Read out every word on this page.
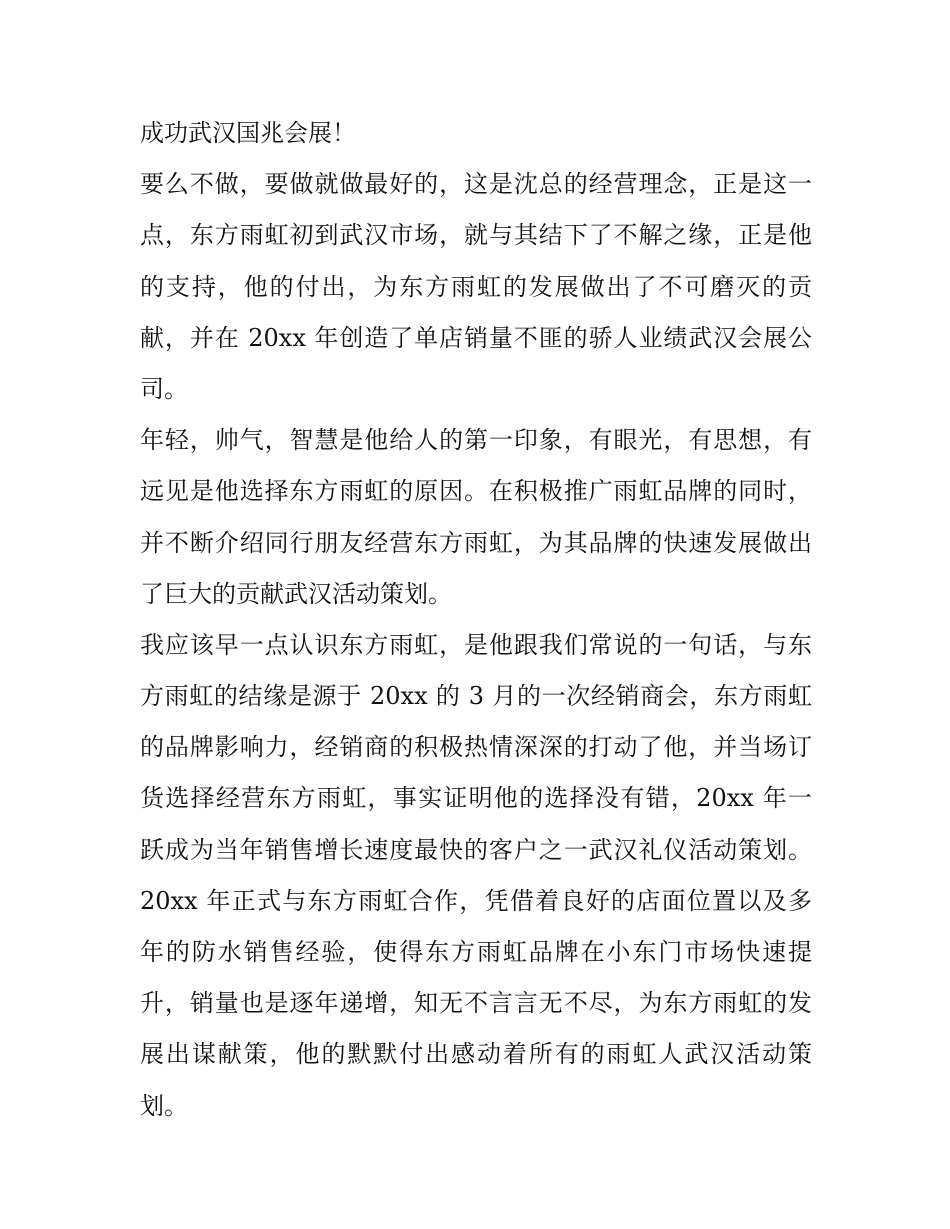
成功武汉国兆会展！
要么不做，要做就做最好的，这是沈总的经营理念，正是这一
点，东方雨虹初到武汉市场，就与其结下了不解之缘，正是他
的支持，他的付出，为东方雨虹的发展做出了不可磨灭的贡
献，并在 20xx 年创造了单店销量不匪的骄人业绩武汉会展公
司。
年轻，帅气，智慧是他给人的第一印象，有眼光，有思想，有
远见是他选择东方雨虹的原因。在积极推广雨虹品牌的同时，
并不断介绍同行朋友经营东方雨虹，为其品牌的快速发展做出
了巨大的贡献武汉活动策划。
我应该早一点认识东方雨虹，是他跟我们常说的一句话，与东
方雨虹的结缘是源于 20xx 的 3 月的一次经销商会，东方雨虹
的品牌影响力，经销商的积极热情深深的打动了他，并当场订
货选择经营东方雨虹，事实证明他的选择没有错，20xx 年一
跃成为当年销售增长速度最快的客户之一武汉礼仪活动策划。
20xx 年正式与东方雨虹合作，凭借着良好的店面位置以及多
年的防水销售经验，使得东方雨虹品牌在小东门市场快速提
升，销量也是逐年递增，知无不言言无不尽，为东方雨虹的发
展出谋献策，他的默默付出感动着所有的雨虹人武汉活动策
划。
